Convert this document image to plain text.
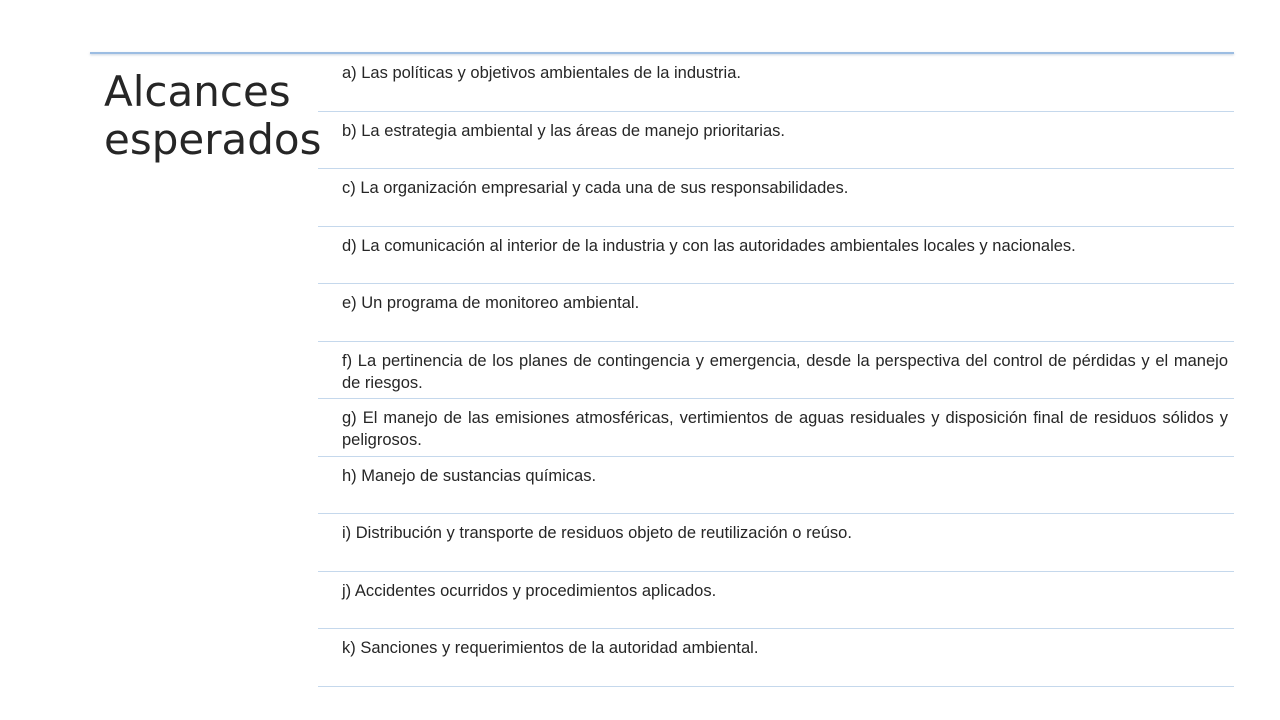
Alcances esperados
a) Las políticas y objetivos ambientales de la industria.
b) La estrategia ambiental y las áreas de manejo prioritarias.
c) La organización empresarial y cada una de sus responsabilidades.
d) La comunicación al interior de la industria y con las autoridades ambientales locales y nacionales.
e) Un programa de monitoreo ambiental.
f) La pertinencia de los planes de contingencia y emergencia, desde la perspectiva del control de pérdidas y el manejo de riesgos.
g) El manejo de las emisiones atmosféricas, vertimientos de aguas residuales y disposición final de residuos sólidos y peligrosos.
h) Manejo de sustancias químicas.
i) Distribución y transporte de residuos objeto de reutilización o reúso.
j) Accidentes ocurridos y procedimientos aplicados.
k) Sanciones y requerimientos de la autoridad ambiental.
